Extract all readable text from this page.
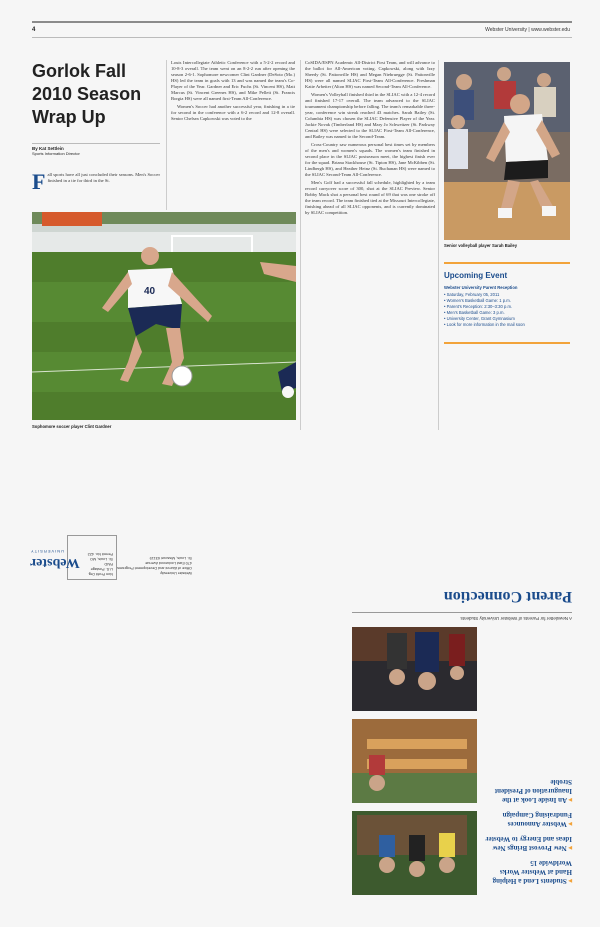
4	Webster University | www.webster.edu
Gorlok Fall 2010 Season Wrap Up
By Kat Settlein
Sports Information Director
F all sports have all just concluded their seasons. Men's Soccer finished in a tie for third in the St.
40
Sophomore soccer player Clint Gardner

Louis Intercollegiate Athletic Conference with a 5-2-2 record and 10-8-3 overall. The team went on an 8-2-2 run after opening the season 2-6-1. Sophomore newcomer Clint Gardner (DeSoto (Mo.) HS) led the team in goals with 13 and was named the team's Co-Player of the Year. Gardner and Eric Fuchs (St. Vincent HS), Matt Marcus (St. Vincent Greenes HS), and Mike Pellett (St. Francis Borgia HS) were all named first-Team All-Conference.

Women's Soccer had another successful year, finishing in a tie for second in the conference with a 6-2 record and 12-8 overall. Senior Chelsea Capkowski was voted to the

CoSIDA/ESPN Academic All-District First Team, and will advance to the ballot for All-American voting. Capkowski, along with Izzy Sheedy (St. Pattonville HS) and Megan Niebruegge (St. Pattonville HS) were all named SLIAC First-Team All-Conference. Freshman Katie Arbeiter (Alton HS) was named Second-Team All-Conference.

Women's Volleyball finished third in the SLIAC with a 12-4 record and finished 17-17 overall. The team advanced to the SLIAC tournament championship before falling. The team's remarkable three-year, conference win streak reached 43 matches. Sarah Bailey (St. Columbia HS) was chosen the SLIAC Defensive Player of the Year. Jackie Novak (Timberland HS) and Mary Jo Schweitzer (St. Parkway Central HS) were selected to the SLIAC First-Team All-Conference, and Bailey was named to the Second-Team.

Cross-Country saw numerous personal best times set by members of the men's and women's squads. The women's team finished in second place in the SLIAC postseason meet, the highest finish ever for the squad. Briana Stackhouse (St. Tipton HS), Jane McKibben (St. Lindbergh HS), and Heather Heinz (St. Buchanan HS) were named to the SLIAC Second-Team All-Conference.

Men's Golf had a successful fall schedule, highlighted by a team record carryover score of 300, shot at the SLIAC Preview. Senior Bobby Mack shot a personal best round of 69 that was one stroke off the team record. The team finished tied at the Missouri Intercollegiate, finishing ahead of all SLIAC opponents, and is currently dominated by SLIAC competition.

Senior volleyball player Sarah Bailey
Upcoming Event
Webster University Parent Reception
• Saturday, February 05, 2011
• Women's Basketball Game: 1 p.m.
• Parent's Reception: 2:30–3:30 p.m.
• Men's Basketball Game: 3 p.m.
• University Center, Grant Gymnasium
• Look for more information in the mail soon
▸ Students Lend a Helping Hand at Webster Works Worldwide 15
▸ New Provost Brings New Ideas and Energy to Webster
▸ Webster Announces Fundraising Campaign
▸ An Inside Look at the Inauguration of President Stroble
A Newsletter for Parents of Webster University Students
Parent Connection
Webster University
Office of Alumni and Development Programs
470 East Lockwood Avenue
St. Louis, Missouri 63119
Non Profit Org.
U.S. Postage
PAID
St. Louis, MO
Permit No. 422
Webster
UNIVERSITY
